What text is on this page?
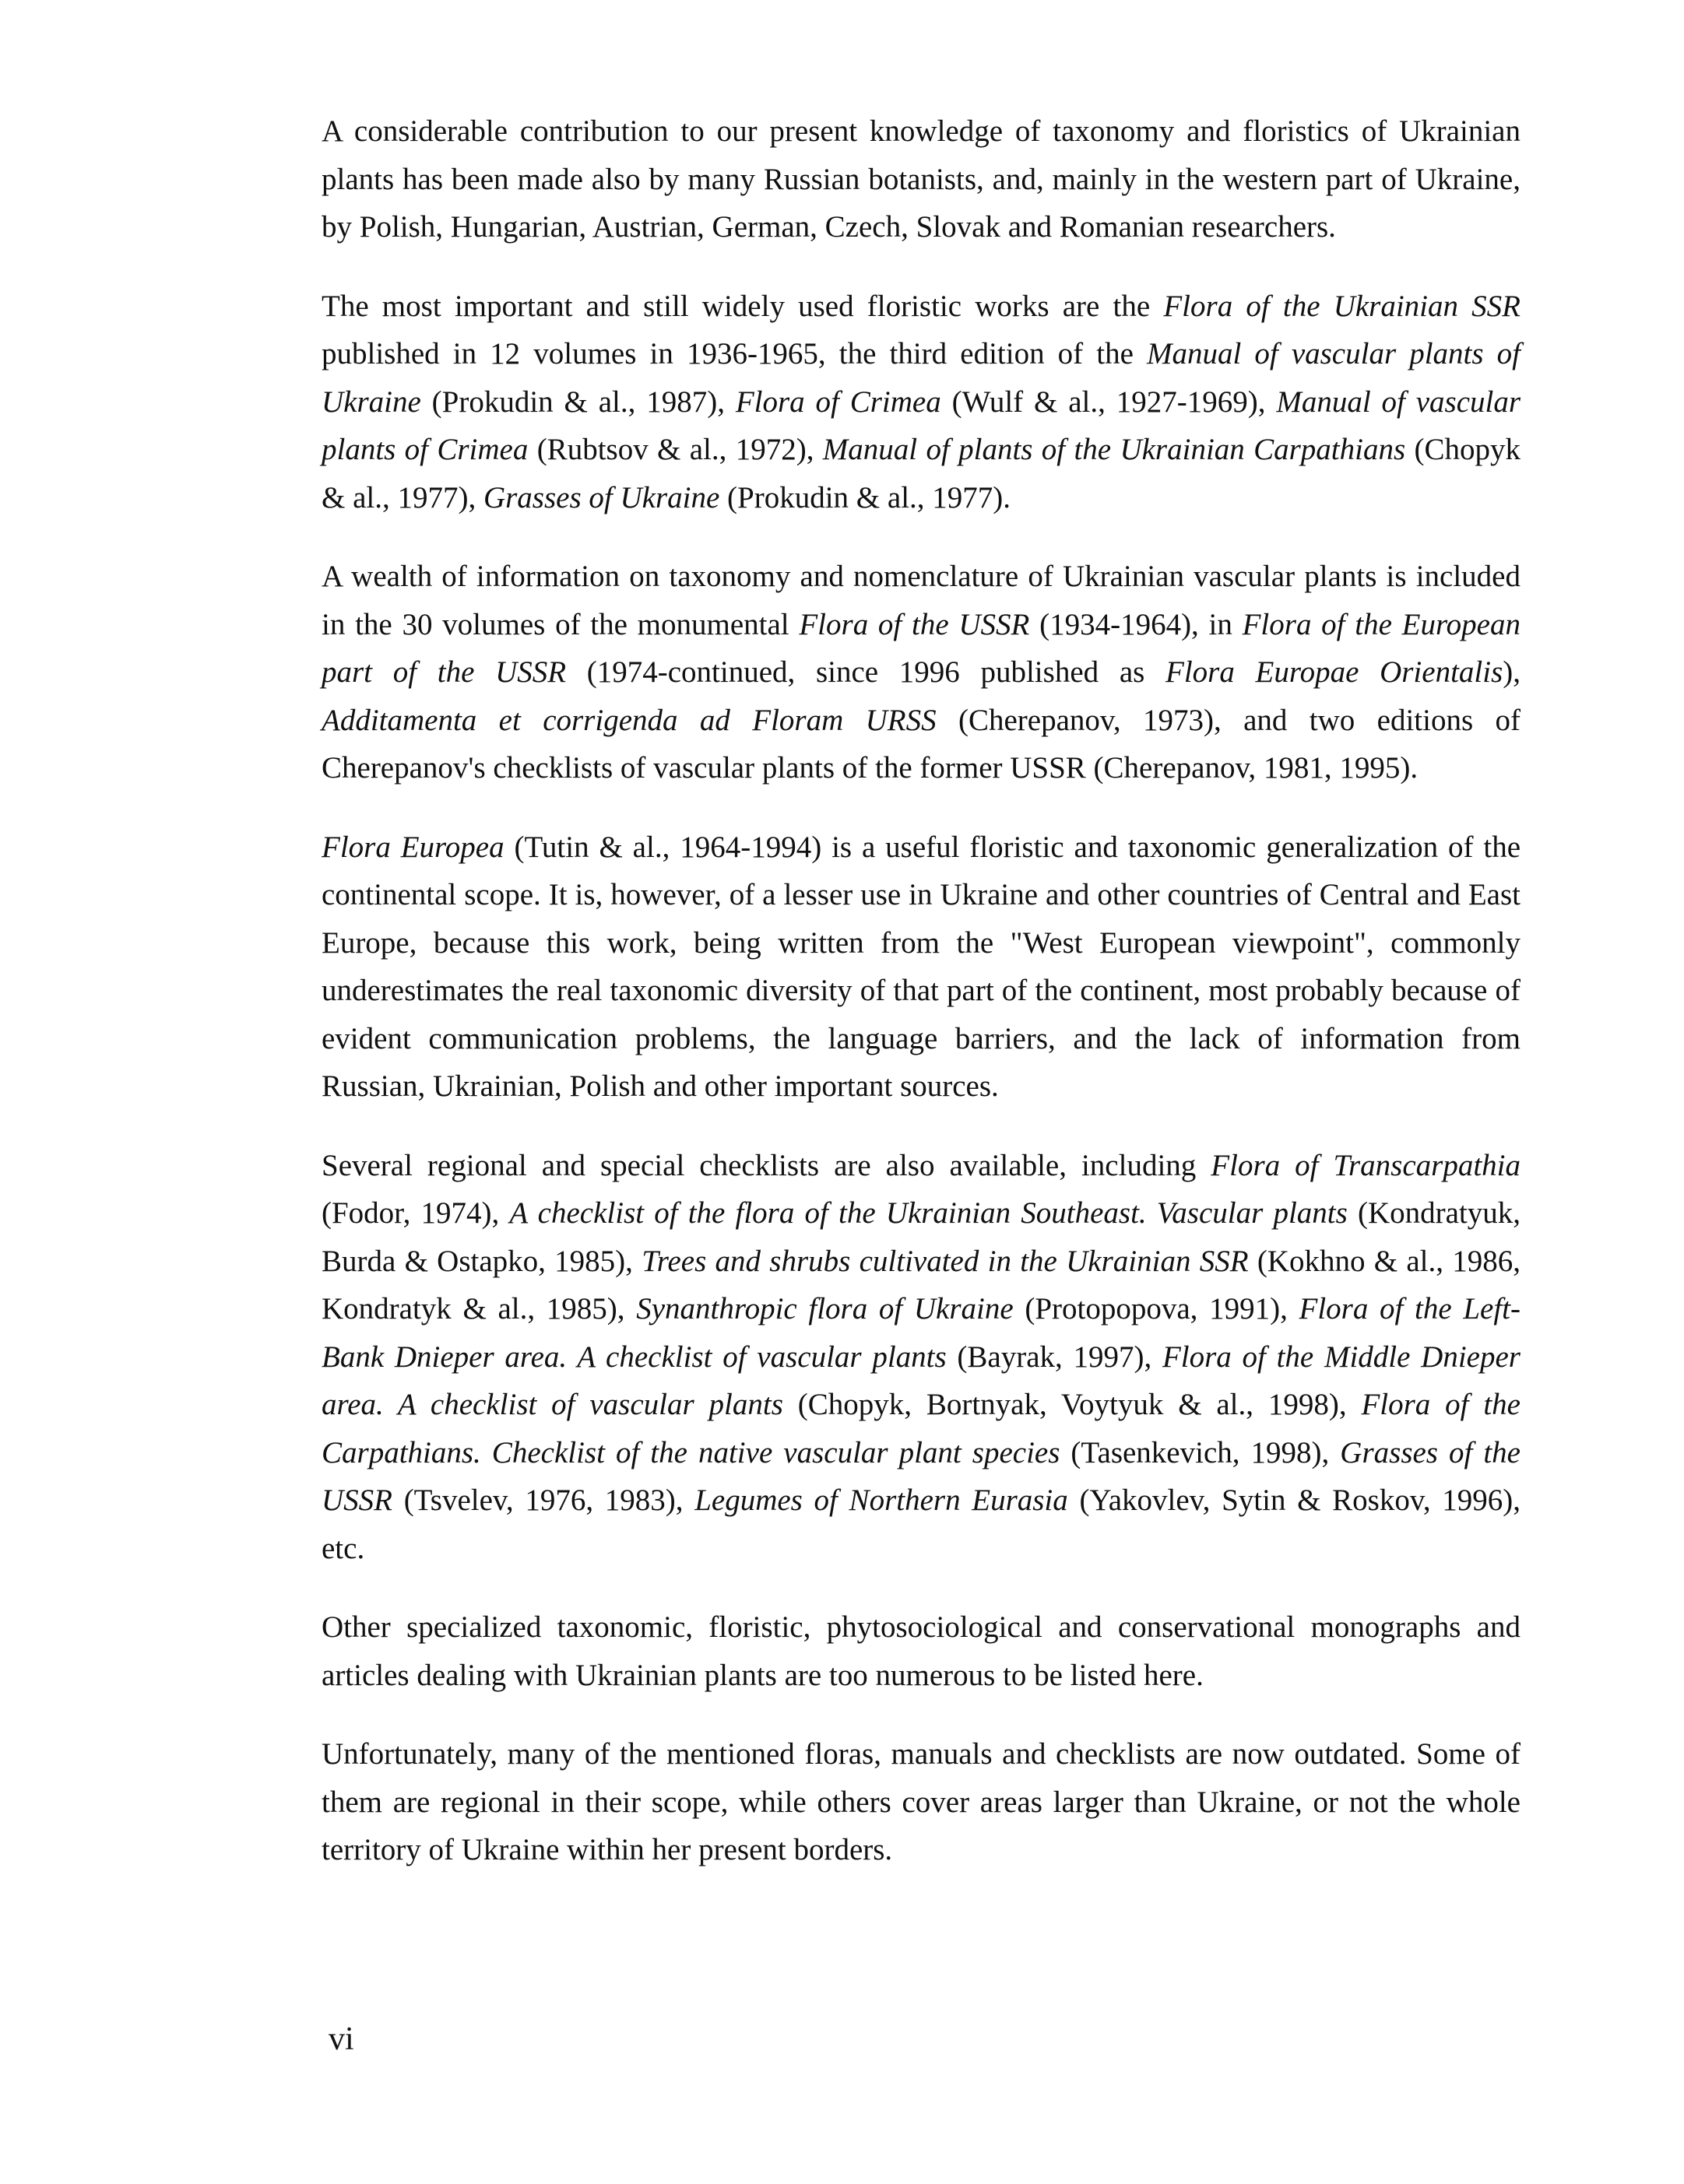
A considerable contribution to our present knowledge of taxonomy and floristics of Ukrainian plants has been made also by many Russian botanists, and, mainly in the western part of Ukraine, by Polish, Hungarian, Austrian, German, Czech, Slovak and Romanian researchers.

The most important and still widely used floristic works are the Flora of the Ukrainian SSR published in 12 volumes in 1936-1965, the third edition of the Manual of vascular plants of Ukraine (Prokudin & al., 1987), Flora of Crimea (Wulf & al., 1927-1969), Manual of vascular plants of Crimea (Rubtsov & al., 1972), Manual of plants of the Ukrainian Carpathians (Chopyk & al., 1977), Grasses of Ukraine (Prokudin & al., 1977).

A wealth of information on taxonomy and nomenclature of Ukrainian vascular plants is included in the 30 volumes of the monumental Flora of the USSR (1934-1964), in Flora of the European part of the USSR (1974-continued, since 1996 published as Flora Europae Orientalis), Additamenta et corrigenda ad Floram URSS (Cherepanov, 1973), and two editions of Cherepanov's checklists of vascular plants of the former USSR (Cherepanov, 1981, 1995).

Flora Europea (Tutin & al., 1964-1994) is a useful floristic and taxonomic generalization of the continental scope. It is, however, of a lesser use in Ukraine and other countries of Central and East Europe, because this work, being written from the "West European viewpoint", commonly underestimates the real taxonomic diversity of that part of the continent, most probably because of evident communication problems, the language barriers, and the lack of information from Russian, Ukrainian, Polish and other important sources.

Several regional and special checklists are also available, including Flora of Transcarpathia (Fodor, 1974), A checklist of the flora of the Ukrainian Southeast. Vascular plants (Kondratyuk, Burda & Ostapko, 1985), Trees and shrubs cultivated in the Ukrainian SSR (Kokhno & al., 1986, Kondratyk & al., 1985), Synanthropic flora of Ukraine (Protopopova, 1991), Flora of the Left-Bank Dnieper area. A checklist of vascular plants (Bayrak, 1997), Flora of the Middle Dnieper area. A checklist of vascular plants (Chopyk, Bortnyak, Voytyuk & al., 1998), Flora of the Carpathians. Checklist of the native vascular plant species (Tasenkevich, 1998), Grasses of the USSR (Tsvelev, 1976, 1983), Legumes of Northern Eurasia (Yakovlev, Sytin & Roskov, 1996), etc.

Other specialized taxonomic, floristic, phytosociological and conservational monographs and articles dealing with Ukrainian plants are too numerous to be listed here.

Unfortunately, many of the mentioned floras, manuals and checklists are now outdated. Some of them are regional in their scope, while others cover areas larger than Ukraine, or not the whole territory of Ukraine within her present borders.

vi
